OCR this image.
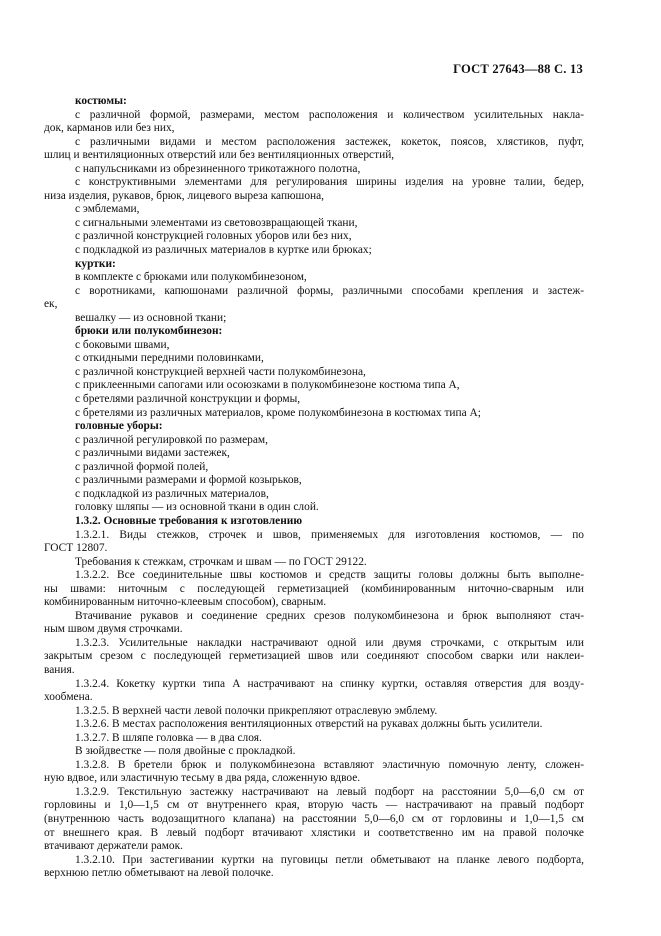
ГОСТ 27643—88 С. 13

костюмы:

с различной формой, размерами, местом расположения и количеством усилительных накла-

док, карманов или без них,

с различными видами и местом расположения застежек, кокеток, поясов, хлястиков, пуфт,

шлиц и вентиляционных отверстий или без вентиляционных отверстий,

с напульсниками из обрезиненного трикотажного полотна,

с конструктивными элементами для регулирования ширины изделия на уровне талии, бедер,

низа изделия, рукавов, брюк, лицевого выреза капюшона,

с эмблемами,

с сигнальными элементами из световозвращающей ткани,

с различной конструкцией головных уборов или без них,

с подкладкой из различных материалов в куртке или брюках;

куртки:

в комплекте с брюками или полукомбинезоном,

с воротниками, капюшонами различной формы, различными способами крепления и застеж-

ек,

вешалку — из основной ткани;

брюки или полукомбинезон:

с боковыми швами,

с откидными передними половинками,

с различной конструкцией верхней части полукомбинезона,

с приклеенными сапогами или осоюзками в полукомбинезоне костюма типа А,

с бретелями различной конструкции и формы,

с бретелями из различных материалов, кроме полукомбинезона в костюмах типа А;

головные уборы:

с различной регулировкой по размерам,

с различными видами застежек,

с различной формой полей,

с различными размерами и формой козырьков,

с подкладкой из различных материалов,

головку шляпы — из основной ткани в один слой.

1.3.2. Основные требования к изготовлению

1.3.2.1. Виды стежков, строчек и швов, применяемых для изготовления костюмов, — по

ГОСТ 12807.

Требования к стежкам, строчкам и швам — по ГОСТ 29122.

1.3.2.2. Все соединительные швы костюмов и средств защиты головы должны быть выполне-

ны швами: ниточным с последующей герметизацией (комбинированным ниточно-сварным или

комбинированным ниточно-клеевым способом), сварным.

Втачивание рукавов и соединение средних срезов полукомбинезона и брюк выполняют стач-

ным швом двумя строчками.

1.3.2.3. Усилительные накладки настрачивают одной или двумя строчками, с открытым или

закрытым срезом с последующей герметизацией швов или соединяют способом сварки или наклеи-

вания.

1.3.2.4. Кокетку куртки типа А настрачивают на спинку куртки, оставляя отверстия для возду-

хообмена.

1.3.2.5. В верхней части левой полочки прикрепляют отраслевую эмблему.

1.3.2.6. В местах расположения вентиляционных отверстий на рукавах должны быть усилители.

1.3.2.7. В шляпе головка — в два слоя.

В зюйдвестке — поля двойные с прокладкой.

1.3.2.8. В бретели брюк и полукомбинезона вставляют эластичную помочную ленту, сложен-

ную вдвое, или эластичную тесьму в два ряда, сложенную вдвое.

1.3.2.9. Текстильную застежку настрачивают на левый подборт на расстоянии 5,0—6,0 см от

горловины и 1,0—1,5 см от внутреннего края, вторую часть — настрачивают на правый подборт

(внутреннюю часть водозащитного клапана) на расстоянии 5,0—6,0 см от горловины и 1,0—1,5 см

от внешнего края. В левый подборт втачивают хлястики и соответственно им на правой полочке

втачивают держатели рамок.

1.3.2.10. При застегивании куртки на пуговицы петли обметывают на планке левого подборта,

верхнюю петлю обметывают на левой полочке.
